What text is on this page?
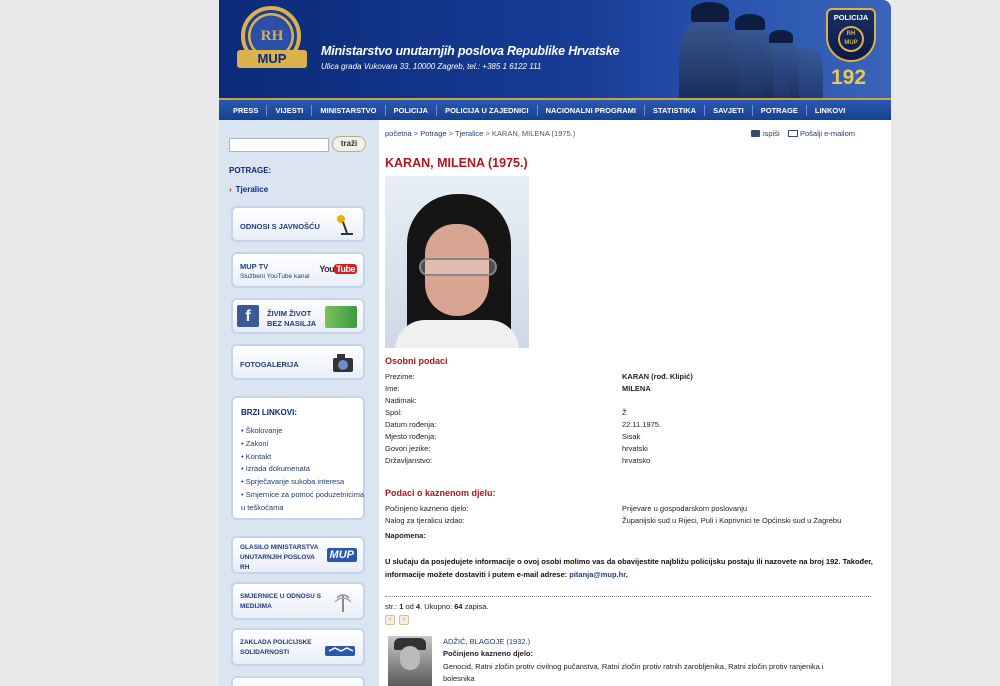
RH
MUP	Ministarstvo unutarnjih poslova Republike Hrvatske
Ulica grada Vukovara 33, 10000 Zagreb, tel.: +385 1 6122 111
POLICIJA
RH MUP
192
PRESS	VIJESTI	MINISTARSTVO	POLICIJA	POLICIJA U ZAJEDNICI	NACIONALNI PROGRAMI	STATISTIKA	SAVJETI	POTRAGE	LINKOVI
traži
POTRAGE:
› Tjeralice
ODNOSI S JAVNOŠĆU
MUP TV
Službeni YouTube kanal
You Tube
f	ŽIVIM ŽIVOT BEZ NASILJA
FOTOGALERIJA
BRZI LINKOVI:
• Školovanje
• Zakoni
• Kontakt
• Izrada dokumenata
• Sprječavanje sukoba interesa
• Smjernice za pomoć poduzetnicima u teškoćama
GLASILO MINISTARSTVA UNUTARNJIH POSLOVA RH
MUP
SMJERNICE U ODNOSU S MEDIJIMA
ZAKLADA POLICIJSKE SOLIDARNOSTI
početna > Potrage > Tjeralice > KARAN, MILENA (1975.)	ispiši	Pošalji e-mailom
KARAN, MILENA (1975.)
Osobni podaci
Prezime:	KARAN (rođ. Klipić)
Ime:	MILENA
Nadimak:
Spol:	Ž
Datum rođenja:	22.11.1975.
Mjesto rođenja:	Sisak
Govori jezike:	hrvatski
Državljanstvo:	hrvatsko
Podaci o kaznenom djelu:
Počinjeno kazneno djelo:	Prijevare u gospodarskom poslovanju
Nalog za tjeralicu izdao:	Županijski sud u Rijeci, Puli i Koprivnici te Općinski sud u Zagrebu
Napomena:
U slučaju da posjedujete informacije o ovoj osobi molimo vas da obavijestite najbližu policijsku postaju ili nazovete na broj 192. Također, informacije možete dostaviti i putem e-mail adrese: pitanja@mup.hr.
str.: 1 od 4. Ukupno: 64 zapisa.
‹	›
ADŽIĆ, BLAGOJE (1932.)
Počinjeno kazneno djelo:
Genocid, Ratni zločin protiv civilnog pučanstva, Ratni zločin protiv ratnih zarobljenika, Ratni zločin protiv ranjenika i bolesnika
